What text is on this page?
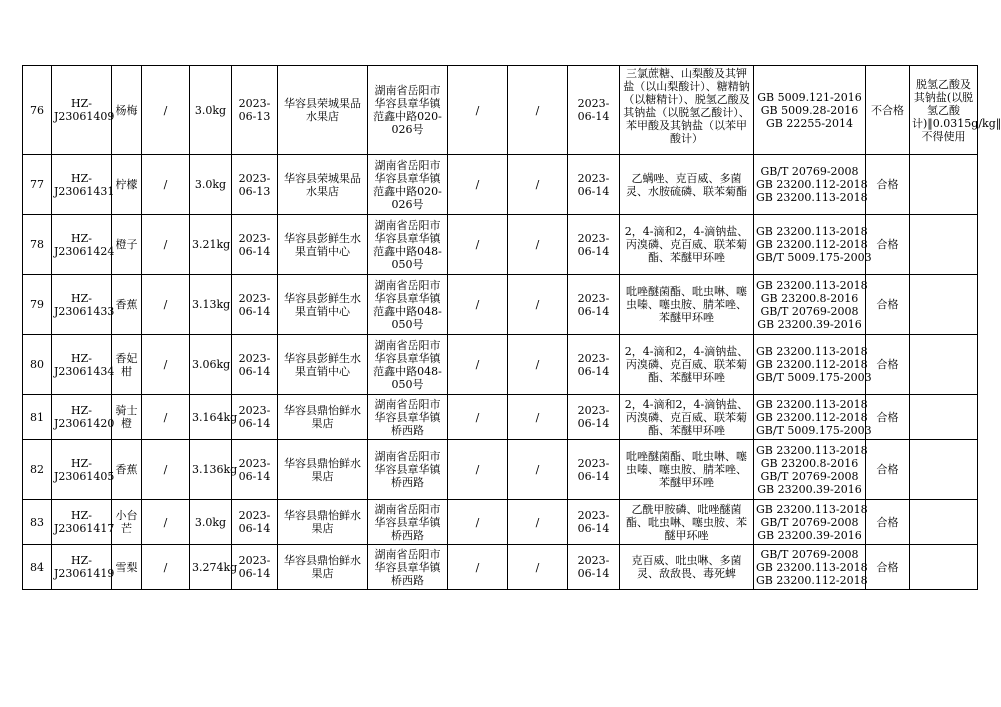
76	HZ-J23061409	杨梅	/	3.0kg	2023-06-13	华容县荣城果品水果店	湖南省岳阳市华容县章华镇范鑫中路020-026号	/	/	2023-06-14	三氯蔗糖、山梨酸及其钾盐（以山梨酸计）、糖精钠（以糖精计）、脱氢乙酸及其钠盐（以脱氢乙酸计）、苯甲酸及其钠盐（以苯甲酸计）	GB 5009.121-2016
GB 5009.28-2016
GB 22255-2014	不合格	脱氢乙酸及其钠盐(以脱氢乙酸计)‖0.0315g/kg‖不得使用

77	HZ-J23061431	柠檬	/	3.0kg	2023-06-13	华容县荣城果品水果店	湖南省岳阳市华容县章华镇范鑫中路020-026号	/	/	2023-06-14	乙螨唑、克百威、多菌灵、水胺硫磷、联苯菊酯	GB/T 20769-2008
GB 23200.112-2018
GB 23200.113-2018	合格	

78	HZ-J23061424	橙子	/	3.21kg	2023-06-14	华容县彭鲜生水果直销中心	湖南省岳阳市华容县章华镇范鑫中路048-050号	/	/	2023-06-14	2，4-滴和2，4-滴钠盐、丙溴磷、克百威、联苯菊酯、苯醚甲环唑	GB 23200.113-2018
GB 23200.112-2018
GB/T 5009.175-2003	合格	

79	HZ-J23061433	香蕉	/	3.13kg	2023-06-14	华容县彭鲜生水果直销中心	湖南省岳阳市华容县章华镇范鑫中路048-050号	/	/	2023-06-14	吡唑醚菌酯、吡虫啉、噻虫嗪、噻虫胺、腈苯唑、苯醚甲环唑	GB 23200.113-2018
GB 23200.8-2016
GB/T 20769-2008
GB 23200.39-2016	合格	

80	HZ-J23061434	香妃柑	/	3.06kg	2023-06-14	华容县彭鲜生水果直销中心	湖南省岳阳市华容县章华镇范鑫中路048-050号	/	/	2023-06-14	2，4-滴和2，4-滴钠盐、丙溴磷、克百威、联苯菊酯、苯醚甲环唑	GB 23200.113-2018
GB 23200.112-2018
GB/T 5009.175-2003	合格	

81	HZ-J23061420	骑士橙	/	3.164kg	2023-06-14	华容县鼎怡鲜水果店	湖南省岳阳市华容县章华镇桥西路	/	/	2023-06-14	2，4-滴和2，4-滴钠盐、丙溴磷、克百威、联苯菊酯、苯醚甲环唑	GB 23200.113-2018
GB 23200.112-2018
GB/T 5009.175-2003	合格	

82	HZ-J23061405	香蕉	/	3.136kg	2023-06-14	华容县鼎怡鲜水果店	湖南省岳阳市华容县章华镇桥西路	/	/	2023-06-14	吡唑醚菌酯、吡虫啉、噻虫嗪、噻虫胺、腈苯唑、苯醚甲环唑	GB 23200.113-2018
GB 23200.8-2016
GB/T 20769-2008
GB 23200.39-2016	合格	

83	HZ-J23061417	小台芒	/	3.0kg	2023-06-14	华容县鼎怡鲜水果店	湖南省岳阳市华容县章华镇桥西路	/	/	2023-06-14	乙酰甲胺磷、吡唑醚菌酯、吡虫啉、噻虫胺、苯醚甲环唑	GB 23200.113-2018
GB/T 20769-2008
GB 23200.39-2016	合格	

84	HZ-J23061419	雪梨	/	3.274kg	2023-06-14	华容县鼎怡鲜水果店	湖南省岳阳市华容县章华镇桥西路	/	/	2023-06-14	克百威、吡虫啉、多菌灵、敌敌畏、毒死蜱	GB/T 20769-2008
GB 23200.113-2018
GB 23200.112-2018	合格	
